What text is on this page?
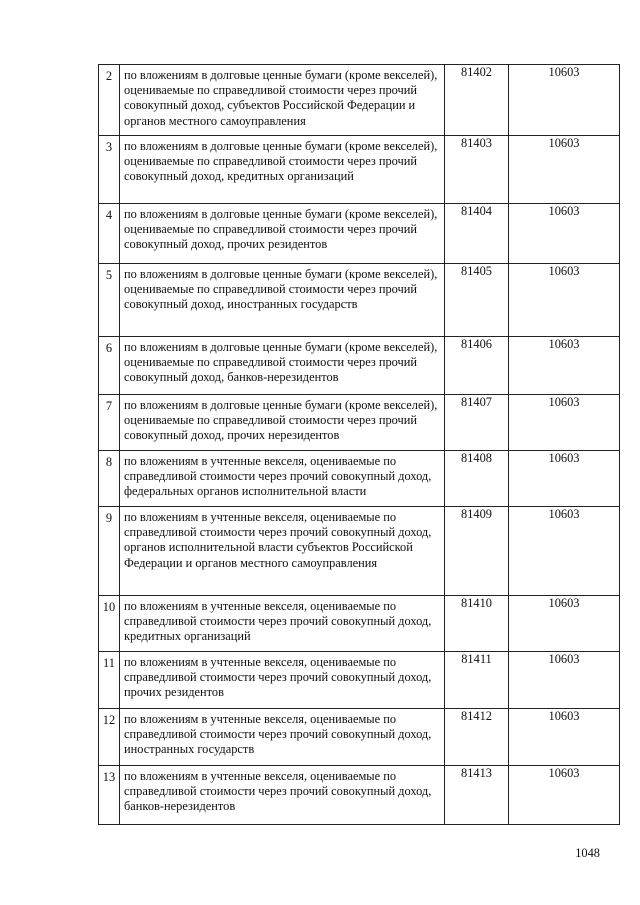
2	по вложениям в долговые ценные бумаги (кроме векселей), оцениваемые по справедливой стоимости через прочий совокупный доход, субъектов Российской Федерации и органов местного самоуправления	81402	10603
3	по вложениям в долговые ценные бумаги (кроме векселей), оцениваемые по справедливой стоимости через прочий совокупный доход, кредитных организаций	81403	10603
4	по вложениям в долговые ценные бумаги (кроме векселей), оцениваемые по справедливой стоимости через прочий совокупный доход, прочих резидентов	81404	10603
5	по вложениям в долговые ценные бумаги (кроме векселей), оцениваемые по справедливой стоимости через прочий совокупный доход, иностранных государств	81405	10603
6	по вложениям в долговые ценные бумаги (кроме векселей), оцениваемые по справедливой стоимости через прочий совокупный доход, банков-нерезидентов	81406	10603
7	по вложениям в долговые ценные бумаги (кроме векселей), оцениваемые по справедливой стоимости через прочий совокупный доход, прочих нерезидентов	81407	10603
8	по вложениям в учтенные векселя, оцениваемые по справедливой стоимости через прочий совокупный доход, федеральных органов исполнительной власти	81408	10603
9	по вложениям в учтенные векселя, оцениваемые по справедливой стоимости через прочий совокупный доход, органов исполнительной власти субъектов Российской Федерации и органов местного самоуправления	81409	10603
10	по вложениям в учтенные векселя, оцениваемые по справедливой стоимости через прочий совокупный доход, кредитных организаций	81410	10603
11	по вложениям в учтенные векселя, оцениваемые по справедливой стоимости через прочий совокупный доход, прочих резидентов	81411	10603
12	по вложениям в учтенные векселя, оцениваемые по справедливой стоимости через прочий совокупный доход, иностранных государств	81412	10603
13	по вложениям в учтенные векселя, оцениваемые по справедливой стоимости через прочий совокупный доход, банков-нерезидентов	81413	10603
1048
